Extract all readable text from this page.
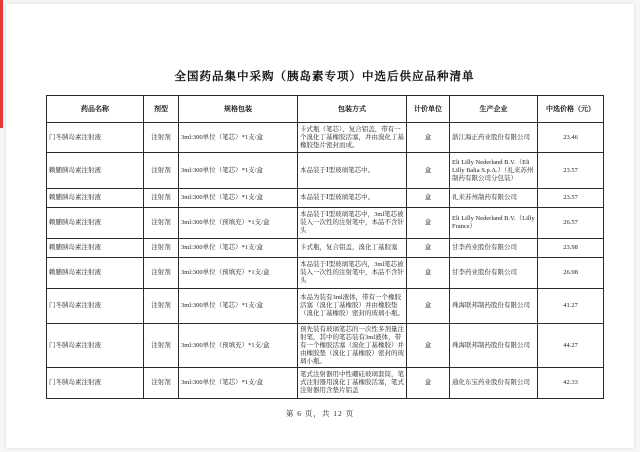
全国药品集中采购（胰岛素专项）中选后供应品种清单
药品名称	剂型	规格包装	包装方式	计价单位	生产企业	中选价格（元）
门冬胰岛素注射液	注射剂	3ml:300单位（笔芯）*1支/盒	卡式瓶（笔芯）、复合铝盖，带有一个溴化丁基橡胶活塞，并由溴化丁基橡胶垫片密封而成。	盒	浙江海正药业股份有限公司	23.46
赖脯胰岛素注射液	注射剂	3ml:300单位（笔芯）*1支/盒	本品装于Ⅰ型玻璃笔芯中。	盒	Eli Lilly Nederland B.V.（Eli Lilly Italia S.p.A.）（礼来苏州制药有限公司分包装）	23.57
赖脯胰岛素注射液	注射剂	3ml:300单位（笔芯）*1支/盒	本品装于Ⅰ型玻璃笔芯中。	盒	礼来苏州制药有限公司	23.57
赖脯胰岛素注射液	注射剂	3ml:300单位（预填充）*1支/盒	本品装于Ⅰ型玻璃笔芯中，3ml笔芯被装入一次性的注射笔中，本品不含针头	盒	Eli Lilly Nederland B.V.（Lilly France）	26.57
赖脯胰岛素注射液	注射剂	3ml:300单位（笔芯）*1支/盒	卡式瓶，复合铝盖，溴化丁基胶塞	盒	甘李药业股份有限公司	23.98
赖脯胰岛素注射液	注射剂	3ml:300单位（预填充）*1支/盒	本品装于Ⅰ型玻璃笔芯内，3ml笔芯被装入一次性的注射笔中，本品不含针头	盒	甘李药业股份有限公司	26.98
门冬胰岛素注射液	注射剂	3ml:300单位（笔芯）*1支/盒	本品为装有3ml液体，带有一个橡胶活塞（溴化丁基橡胶）并由橡胶垫（溴化丁基橡胶）密封的玻璃小瓶。	盒	珠海联邦制药股份有限公司	41.27
门冬胰岛素注射液	注射剂	3ml:300单位（预填充）*1支/盒	预先装有玻璃笔芯的一次性多剂量注射笔，其中的笔芯装有3ml液体，带有一个橡胶活塞（溴化丁基橡胶）并由橡胶垫（溴化丁基橡胶）密封的玻璃小瓶。	盒	珠海联邦制药股份有限公司	44.27
门冬胰岛素注射液	注射剂	3ml:300单位（笔芯）*1支/盒	笔式注射器用中性硼硅玻璃套筒，笔式注射器用溴化丁基橡胶活塞，笔式注射器用含垫片铝盖	盒	通化东宝药业股份有限公司	42.33
第 6 页，共 12 页
